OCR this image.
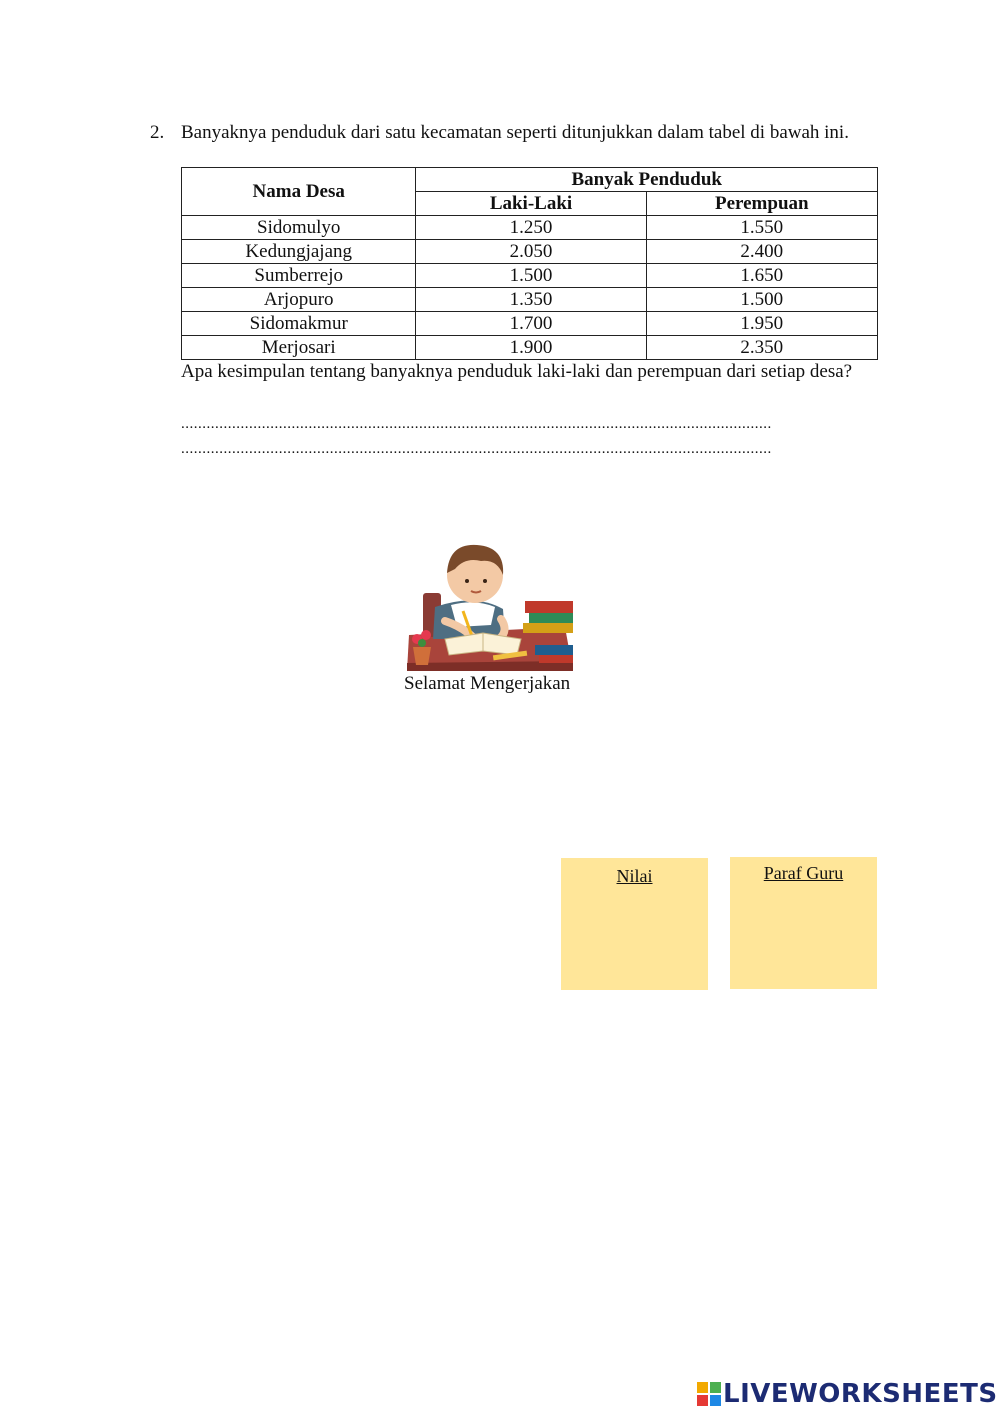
2. Banyaknya penduduk dari satu kecamatan seperti ditunjukkan dalam tabel di bawah ini.
Nama Desa	Banyak Penduduk	
	Laki-Laki	Perempuan
Sidomulyo	1.250	1.550
Kedungjajang	2.050	2.400
Sumberrejo	1.500	1.650
Arjopuro	1.350	1.500
Sidomakmur	1.700	1.950
Merjosari	1.900	2.350
Apa kesimpulan tentang banyaknya penduduk laki-laki dan perempuan dari setiap desa?
...........................................................................................................................................
...........................................................................................................................................
Selamat Mengerjakan
Nilai	Paraf Guru
LIVEWORKSHEETS
